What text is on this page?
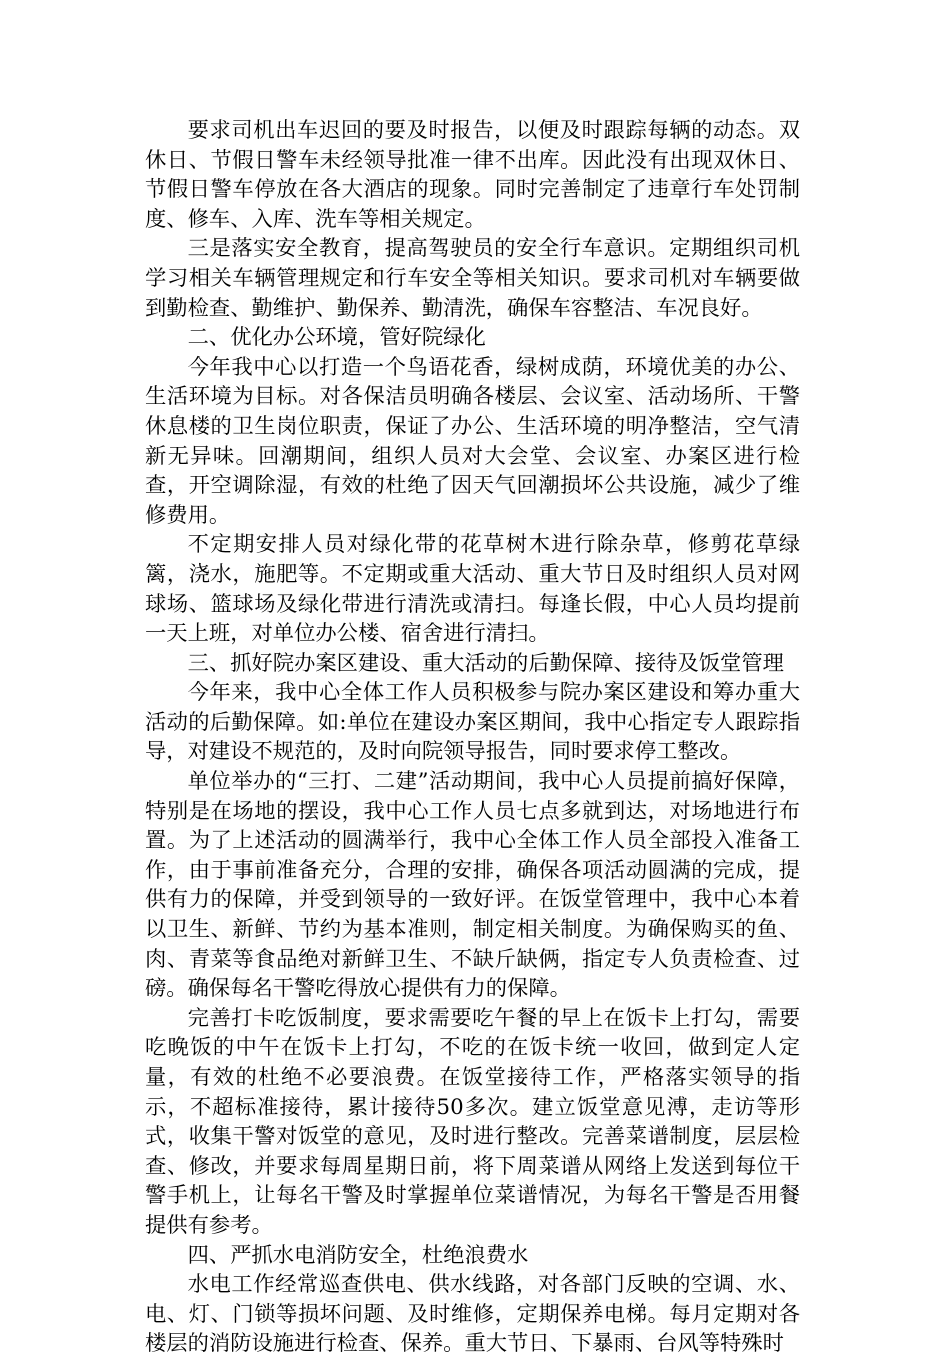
要求司机出车迟回的要及时报告，以便及时跟踪每辆的动态。双休日、节假日警车未经领导批准一律不出库。因此没有出现双休日、节假日警车停放在各大酒店的现象。同时完善制定了违章行车处罚制度、修车、入库、洗车等相关规定。

三是落实安全教育，提高驾驶员的安全行车意识。定期组织司机学习相关车辆管理规定和行车安全等相关知识。要求司机对车辆要做到勤检查、勤维护、勤保养、勤清洗，确保车容整洁、车况良好。

二、优化办公环境，管好院绿化

今年我中心以打造一个鸟语花香，绿树成荫，环境优美的办公、生活环境为目标。对各保洁员明确各楼层、会议室、活动场所、干警休息楼的卫生岗位职责，保证了办公、生活环境的明净整洁，空气清新无异味。回潮期间，组织人员对大会堂、会议室、办案区进行检查，开空调除湿，有效的杜绝了因天气回潮损坏公共设施，减少了维修费用。

不定期安排人员对绿化带的花草树木进行除杂草，修剪花草绿篱，浇水，施肥等。不定期或重大活动、重大节日及时组织人员对网球场、篮球场及绿化带进行清洗或清扫。每逢长假，中心人员均提前一天上班，对单位办公楼、宿舍进行清扫。

三、抓好院办案区建设、重大活动的后勤保障、接待及饭堂管理

今年来，我中心全体工作人员积极参与院办案区建设和筹办重大活动的后勤保障。如:单位在建设办案区期间，我中心指定专人跟踪指导，对建设不规范的，及时向院领导报告，同时要求停工整改。

单位举办的“三打、二建”活动期间，我中心人员提前搞好保障，特别是在场地的摆设，我中心工作人员七点多就到达，对场地进行布置。为了上述活动的圆满举行，我中心全体工作人员全部投入准备工作，由于事前准备充分，合理的安排，确保各项活动圆满的完成，提供有力的保障，并受到领导的一致好评。在饭堂管理中，我中心本着以卫生、新鲜、节约为基本准则，制定相关制度。为确保购买的鱼、肉、青菜等食品绝对新鲜卫生、不缺斤缺俩，指定专人负责检查、过磅。确保每名干警吃得放心提供有力的保障。

完善打卡吃饭制度，要求需要吃午餐的早上在饭卡上打勾，需要吃晚饭的中午在饭卡上打勾，不吃的在饭卡统一收回，做到定人定量，有效的杜绝不必要浪费。在饭堂接待工作，严格落实领导的指示，不超标准接待，累计接待50多次。建立饭堂意见溥，走访等形式，收集干警对饭堂的意见，及时进行整改。完善菜谱制度，层层检查、修改，并要求每周星期日前，将下周菜谱从网络上发送到每位干警手机上，让每名干警及时掌握单位菜谱情况，为每名干警是否用餐提供有参考。

四、严抓水电消防安全，杜绝浪费水

水电工作经常巡查供电、供水线路，对各部门反映的空调、水、电、灯、门锁等损坏问题、及时维修，定期保养电梯。每月定期对各楼层的消防设施进行检查、保养。重大节日、下暴雨、台风等特殊时
